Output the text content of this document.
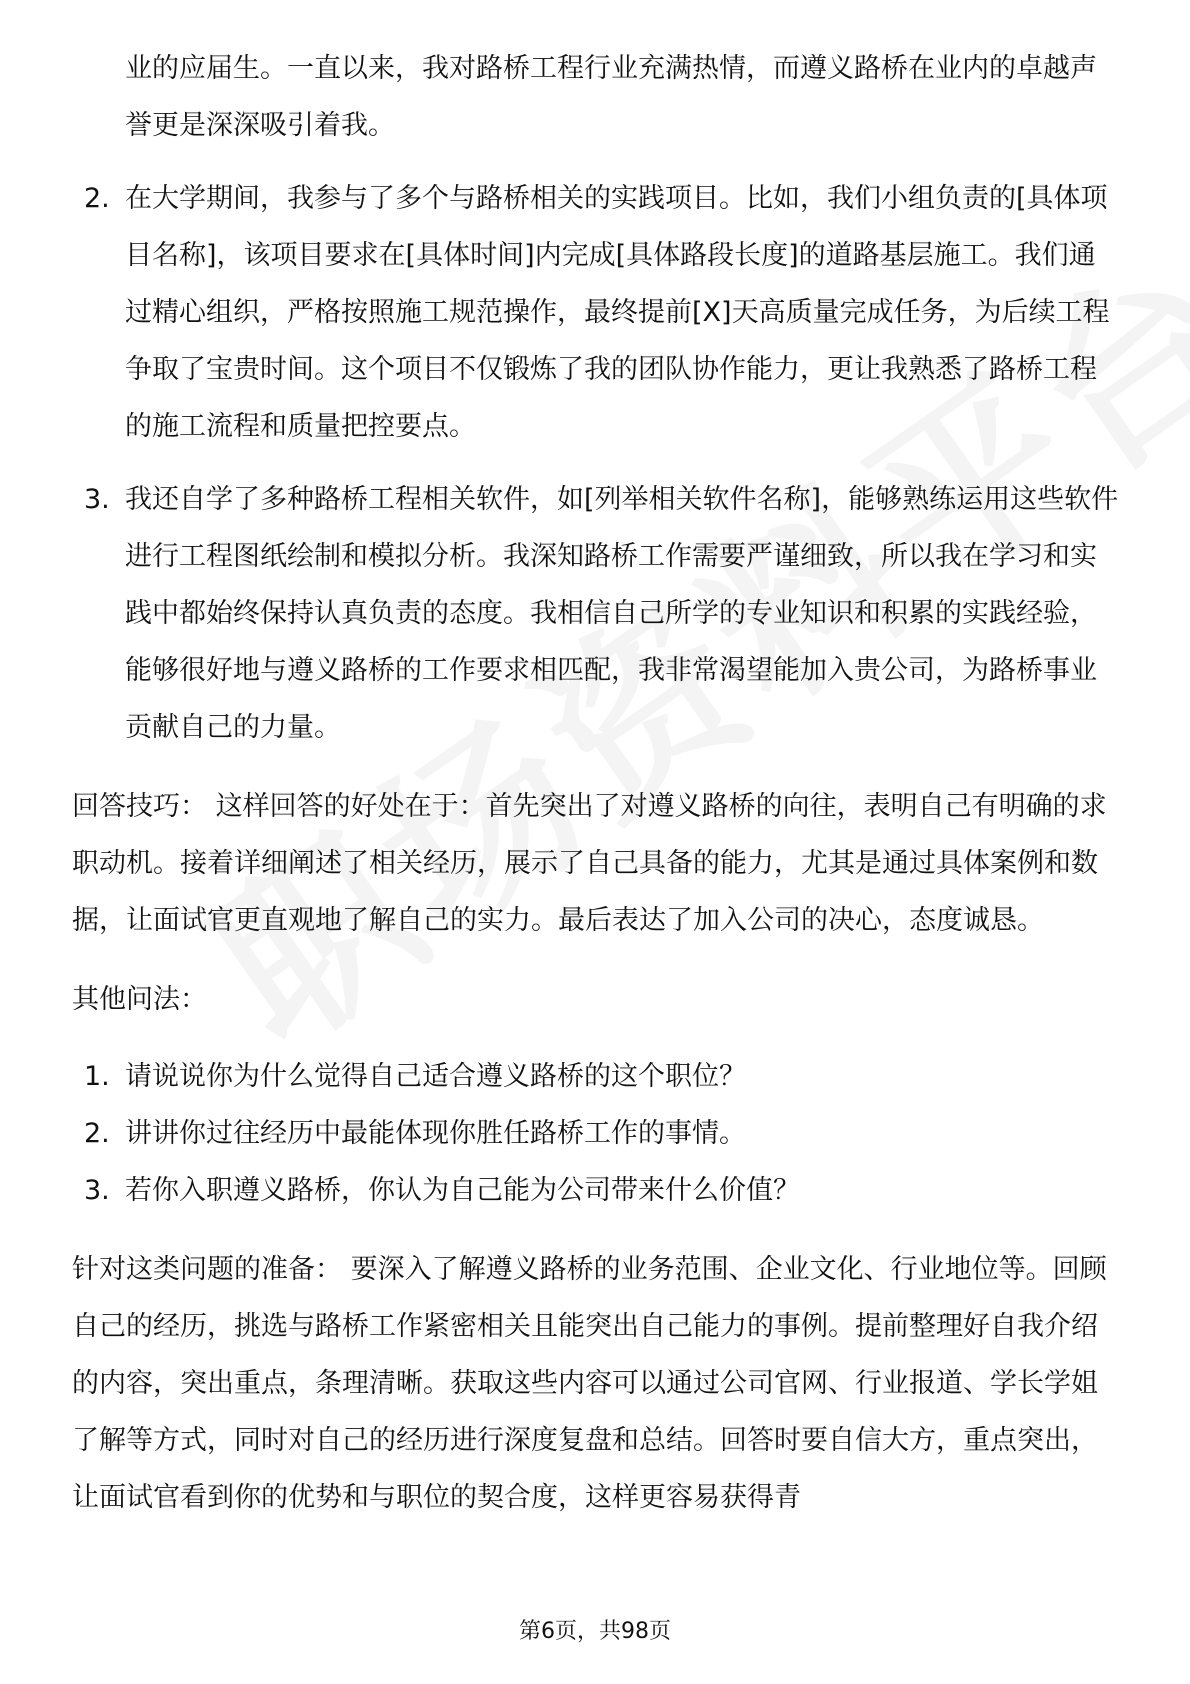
业的应届生。一直以来，我对路桥工程行业充满热情，而遵义路桥在业内的卓越声誉更是深深吸引着我。

2. 在大学期间，我参与了多个与路桥相关的实践项目。比如，我们小组负责的[具体项目名称]，该项目要求在[具体时间]内完成[具体路段长度]的道路基层施工。我们通过精心组织，严格按照施工规范操作，最终提前[X]天高质量完成任务，为后续工程争取了宝贵时间。这个项目不仅锻炼了我的团队协作能力，更让我熟悉了路桥工程的施工流程和质量把控要点。
3. 我还自学了多种路桥工程相关软件，如[列举相关软件名称]，能够熟练运用这些软件进行工程图纸绘制和模拟分析。我深知路桥工作需要严谨细致，所以我在学习和实践中都始终保持认真负责的态度。我相信自己所学的专业知识和积累的实践经验，能够很好地与遵义路桥的工作要求相匹配，我非常渴望能加入贵公司，为路桥事业贡献自己的力量。

回答技巧： 这样回答的好处在于：首先突出了对遵义路桥的向往，表明自己有明确的求职动机。接着详细阐述了相关经历，展示了自己具备的能力，尤其是通过具体案例和数据，让面试官更直观地了解自己的实力。最后表达了加入公司的决心，态度诚恳。

其他问法：

1. 请说说你为什么觉得自己适合遵义路桥的这个职位？
2. 讲讲你过往经历中最能体现你胜任路桥工作的事情。
3. 若你入职遵义路桥，你认为自己能为公司带来什么价值？

针对这类问题的准备： 要深入了解遵义路桥的业务范围、企业文化、行业地位等。回顾自己的经历，挑选与路桥工作紧密相关且能突出自己能力的事例。提前整理好自我介绍的内容，突出重点，条理清晰。获取这些内容可以通过公司官网、行业报道、学长学姐了解等方式，同时对自己的经历进行深度复盘和总结。回答时要自信大方，重点突出，让面试官看到你的优势和与职位的契合度，这样更容易获得青

第6页，共98页
